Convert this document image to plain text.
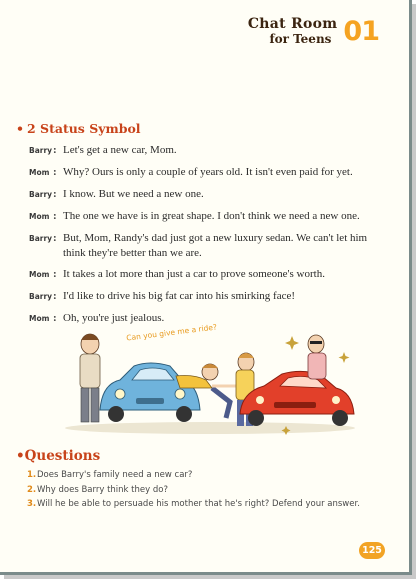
Chat Room
for Teens 01
• 2 Status Symbol
Barry : Let's get a new car, Mom.
Mom : Why? Ours is only a couple of years old. It isn't even paid for yet.
Barry : I know. But we need a new one.
Mom : The one we have is in great shape. I don't think we need a new one.
Barry : But, Mom, Randy's dad just got a new luxury sedan. We can't let him think they're better than we are.
Mom : It takes a lot more than just a car to prove someone's worth.
Barry : I'd like to drive his big fat car into his smirking face!
Mom : Oh, you're just jealous.
Can you give me a ride?
•Questions
1. Does Barry's family need a new car?
2. Why does Barry think they do?
3. Will he be able to persuade his mother that he's right? Defend your answer.
125
